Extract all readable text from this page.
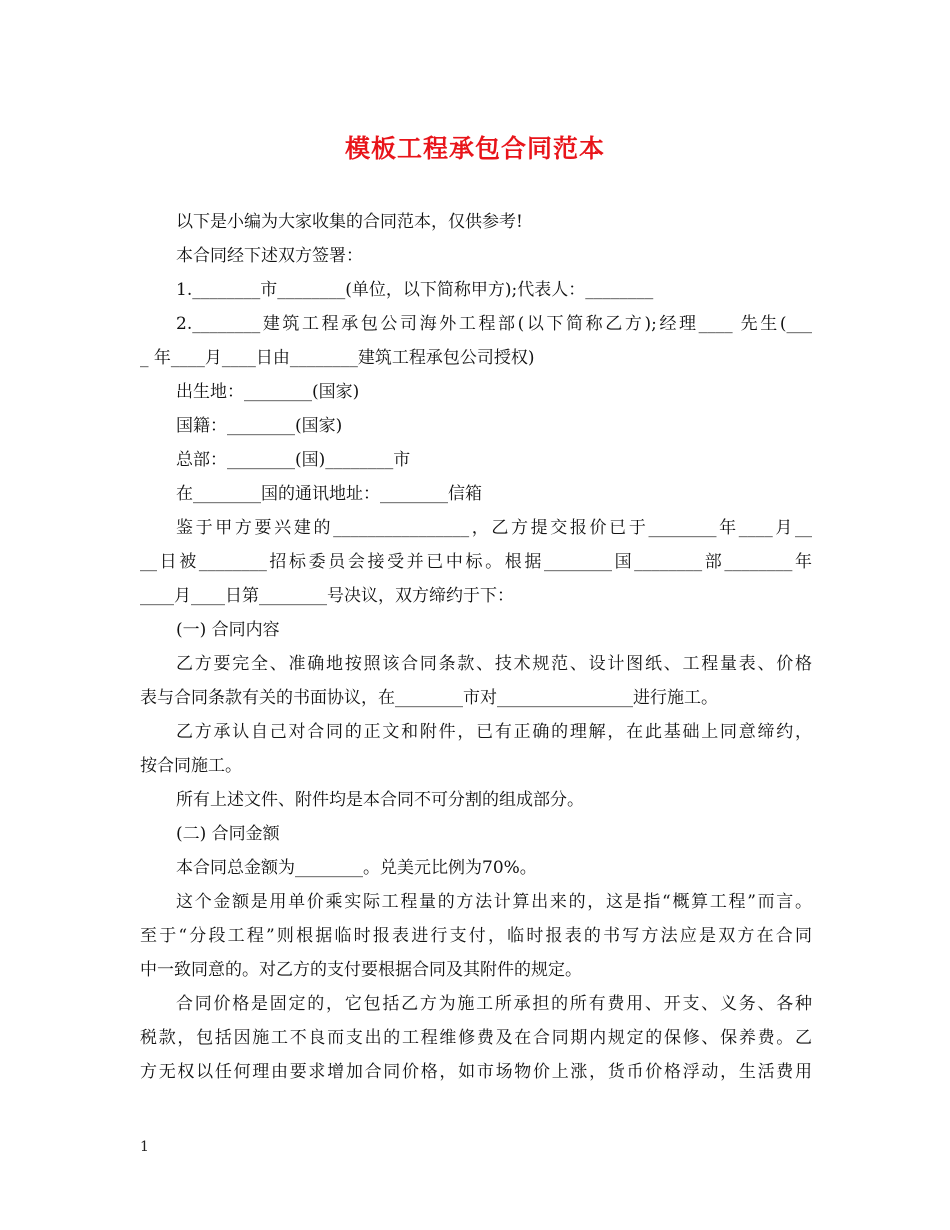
模板工程承包合同范本
以下是小编为大家收集的合同范本，仅供参考!
本合同经下述双方签署：
1.________市________(单位，以下简称甲方);代表人：________
2.________建筑工程承包公司海外工程部(以下简称乙方);经理____ 先生(___
_ 年____月____日由________建筑工程承包公司授权)
出生地：________(国家)
国籍：________(国家)
总部：________(国)________市
在________国的通讯地址：________信箱
鉴于甲方要兴建的________________，乙方提交报价已于________年____月__
__日被________招标委员会接受并已中标。根据________国________部________年
____月____日第________号决议，双方缔约于下：
(一) 合同内容
乙方要完全、准确地按照该合同条款、技术规范、设计图纸、工程量表、价格
表与合同条款有关的书面协议，在________市对________________进行施工。
乙方承认自己对合同的正文和附件，已有正确的理解，在此基础上同意缔约，
按合同施工。
所有上述文件、附件均是本合同不可分割的组成部分。
(二) 合同金额
本合同总金额为________。兑美元比例为70%。
这个金额是用单价乘实际工程量的方法计算出来的，这是指“概算工程”而言。
至于“分段工程”则根据临时报表进行支付，临时报表的书写方法应是双方在合同
中一致同意的。对乙方的支付要根据合同及其附件的规定。
合同价格是固定的，它包括乙方为施工所承担的所有费用、开支、义务、各种
税款，包括因施工不良而支出的工程维修费及在合同期内规定的保修、保养费。乙
方无权以任何理由要求增加合同价格，如市场物价上涨，货币价格浮动，生活费用
1
